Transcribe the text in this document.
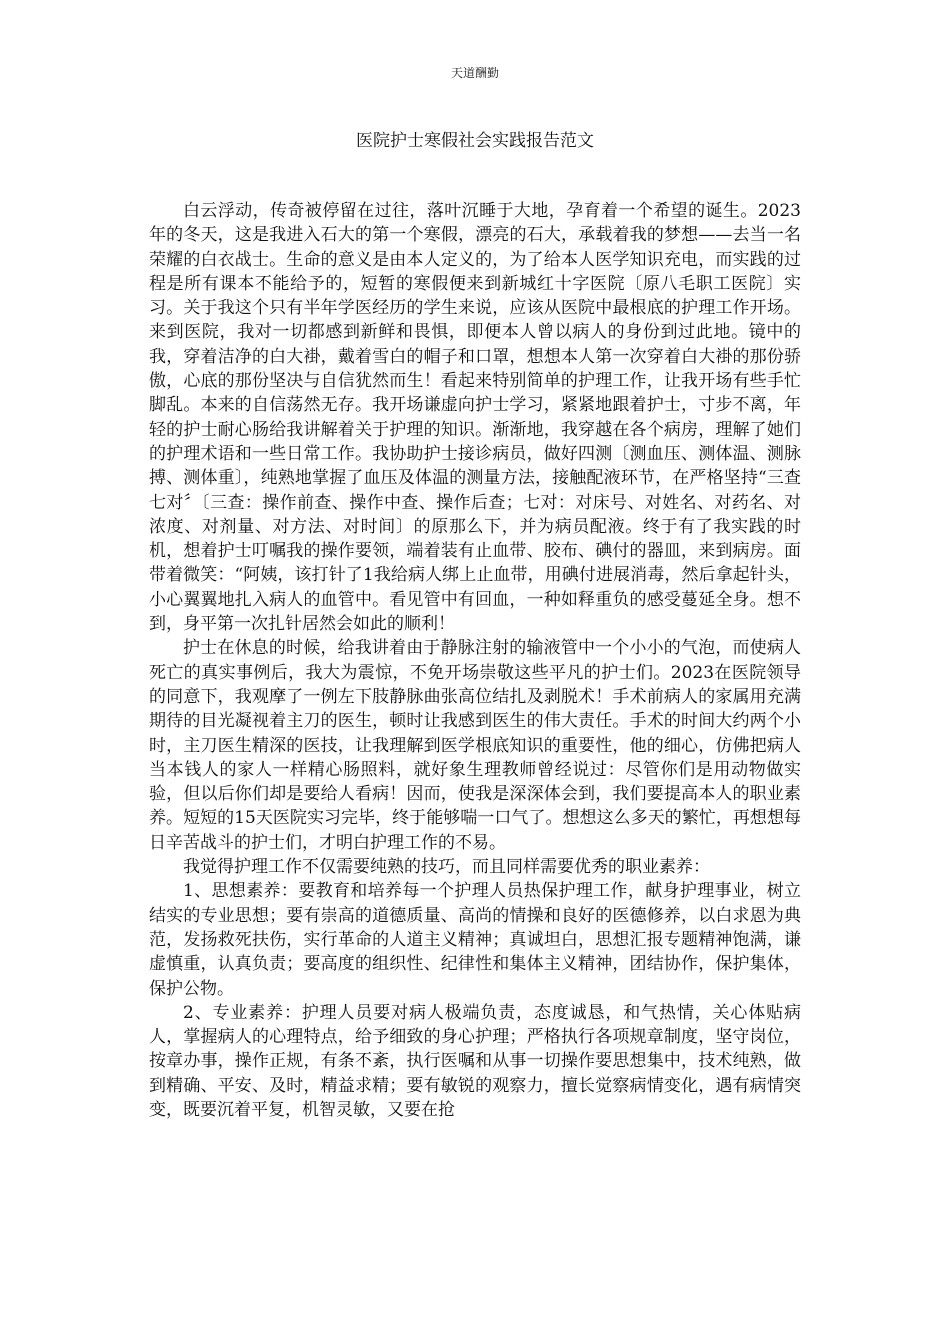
天道酬勤
医院护士寒假社会实践报告范文

白云浮动，传奇被停留在过往，落叶沉睡于大地，孕育着一个希望的诞生。2023年的冬天，这是我进入石大的第一个寒假，漂亮的石大，承载着我的梦想——去当一名荣耀的白衣战士。生命的意义是由本人定义的，为了给本人医学知识充电，而实践的过程是所有课本不能给予的，短暂的寒假便来到新城红十字医院〔原八毛职工医院〕实习。关于我这个只有半年学医经历的学生来说，应该从医院中最根底的护理工作开场。来到医院，我对一切都感到新鲜和畏惧，即便本人曾以病人的身份到过此地。镜中的我，穿着洁净的白大褂，戴着雪白的帽子和口罩，想想本人第一次穿着白大褂的那份骄傲，心底的那份坚决与自信犹然而生！看起来特别简单的护理工作，让我开场有些手忙脚乱。本来的自信荡然无存。我开场谦虚向护士学习，紧紧地跟着护士，寸步不离，年轻的护士耐心肠给我讲解着关于护理的知识。渐渐地，我穿越在各个病房，理解了她们的护理术语和一些日常工作。我协助护士接诊病员，做好四测〔测血压、测体温、测脉搏、测体重〕，纯熟地掌握了血压及体温的测量方法，接触配液环节，在严格坚持“三查七对〞〔三查：操作前查、操作中查、操作后查；七对：对床号、对姓名、对药名、对浓度、对剂量、对方法、对时间〕的原那么下，并为病员配液。终于有了我实践的时机，想着护士叮嘱我的操作要领，端着装有止血带、胶布、碘付的器皿，来到病房。面带着微笑：“阿姨，该打针了1我给病人绑上止血带，用碘付进展消毒，然后拿起针头，小心翼翼地扎入病人的血管中。看见管中有回血，一种如释重负的感受蔓延全身。想不到，身平第一次扎针居然会如此的顺利！

护士在休息的时候，给我讲着由于静脉注射的输液管中一个小小的气泡，而使病人死亡的真实事例后，我大为震惊，不免开场崇敬这些平凡的护士们。2023在医院领导的同意下，我观摩了一例左下肢静脉曲张高位结扎及剥脱术！手术前病人的家属用充满期待的目光凝视着主刀的医生，顿时让我感到医生的伟大责任。手术的时间大约两个小时，主刀医生精深的医技，让我理解到医学根底知识的重要性，他的细心，仿佛把病人当本钱人的家人一样精心肠照料，就好象生理教师曾经说过：尽管你们是用动物做实验，但以后你们却是要给人看病！因而，使我是深深体会到，我们要提高本人的职业素养。短短的15天医院实习完毕，终于能够喘一口气了。想想这么多天的繁忙，再想想每日辛苦战斗的护士们，才明白护理工作的不易。

我觉得护理工作不仅需要纯熟的技巧，而且同样需要优秀的职业素养：

1、思想素养：要教育和培养每一个护理人员热保护理工作，献身护理事业，树立结实的专业思想；要有崇高的道德质量、高尚的情操和良好的医德修养，以白求恩为典范，发扬救死扶伤，实行革命的人道主义精神；真诚坦白，思想汇报专题精神饱满，谦虚慎重，认真负责；要高度的组织性、纪律性和集体主义精神，团结协作，保护集体，保护公物。

2、专业素养：护理人员要对病人极端负责，态度诚恳，和气热情，关心体贴病人，掌握病人的心理特点，给予细致的身心护理；严格执行各项规章制度，坚守岗位，按章办事，操作正规，有条不紊，执行医嘱和从事一切操作要思想集中，技术纯熟，做到精确、平安、及时，精益求精；要有敏锐的观察力，擅长觉察病情变化，遇有病情突变，既要沉着平复，机智灵敏，又要在抢
